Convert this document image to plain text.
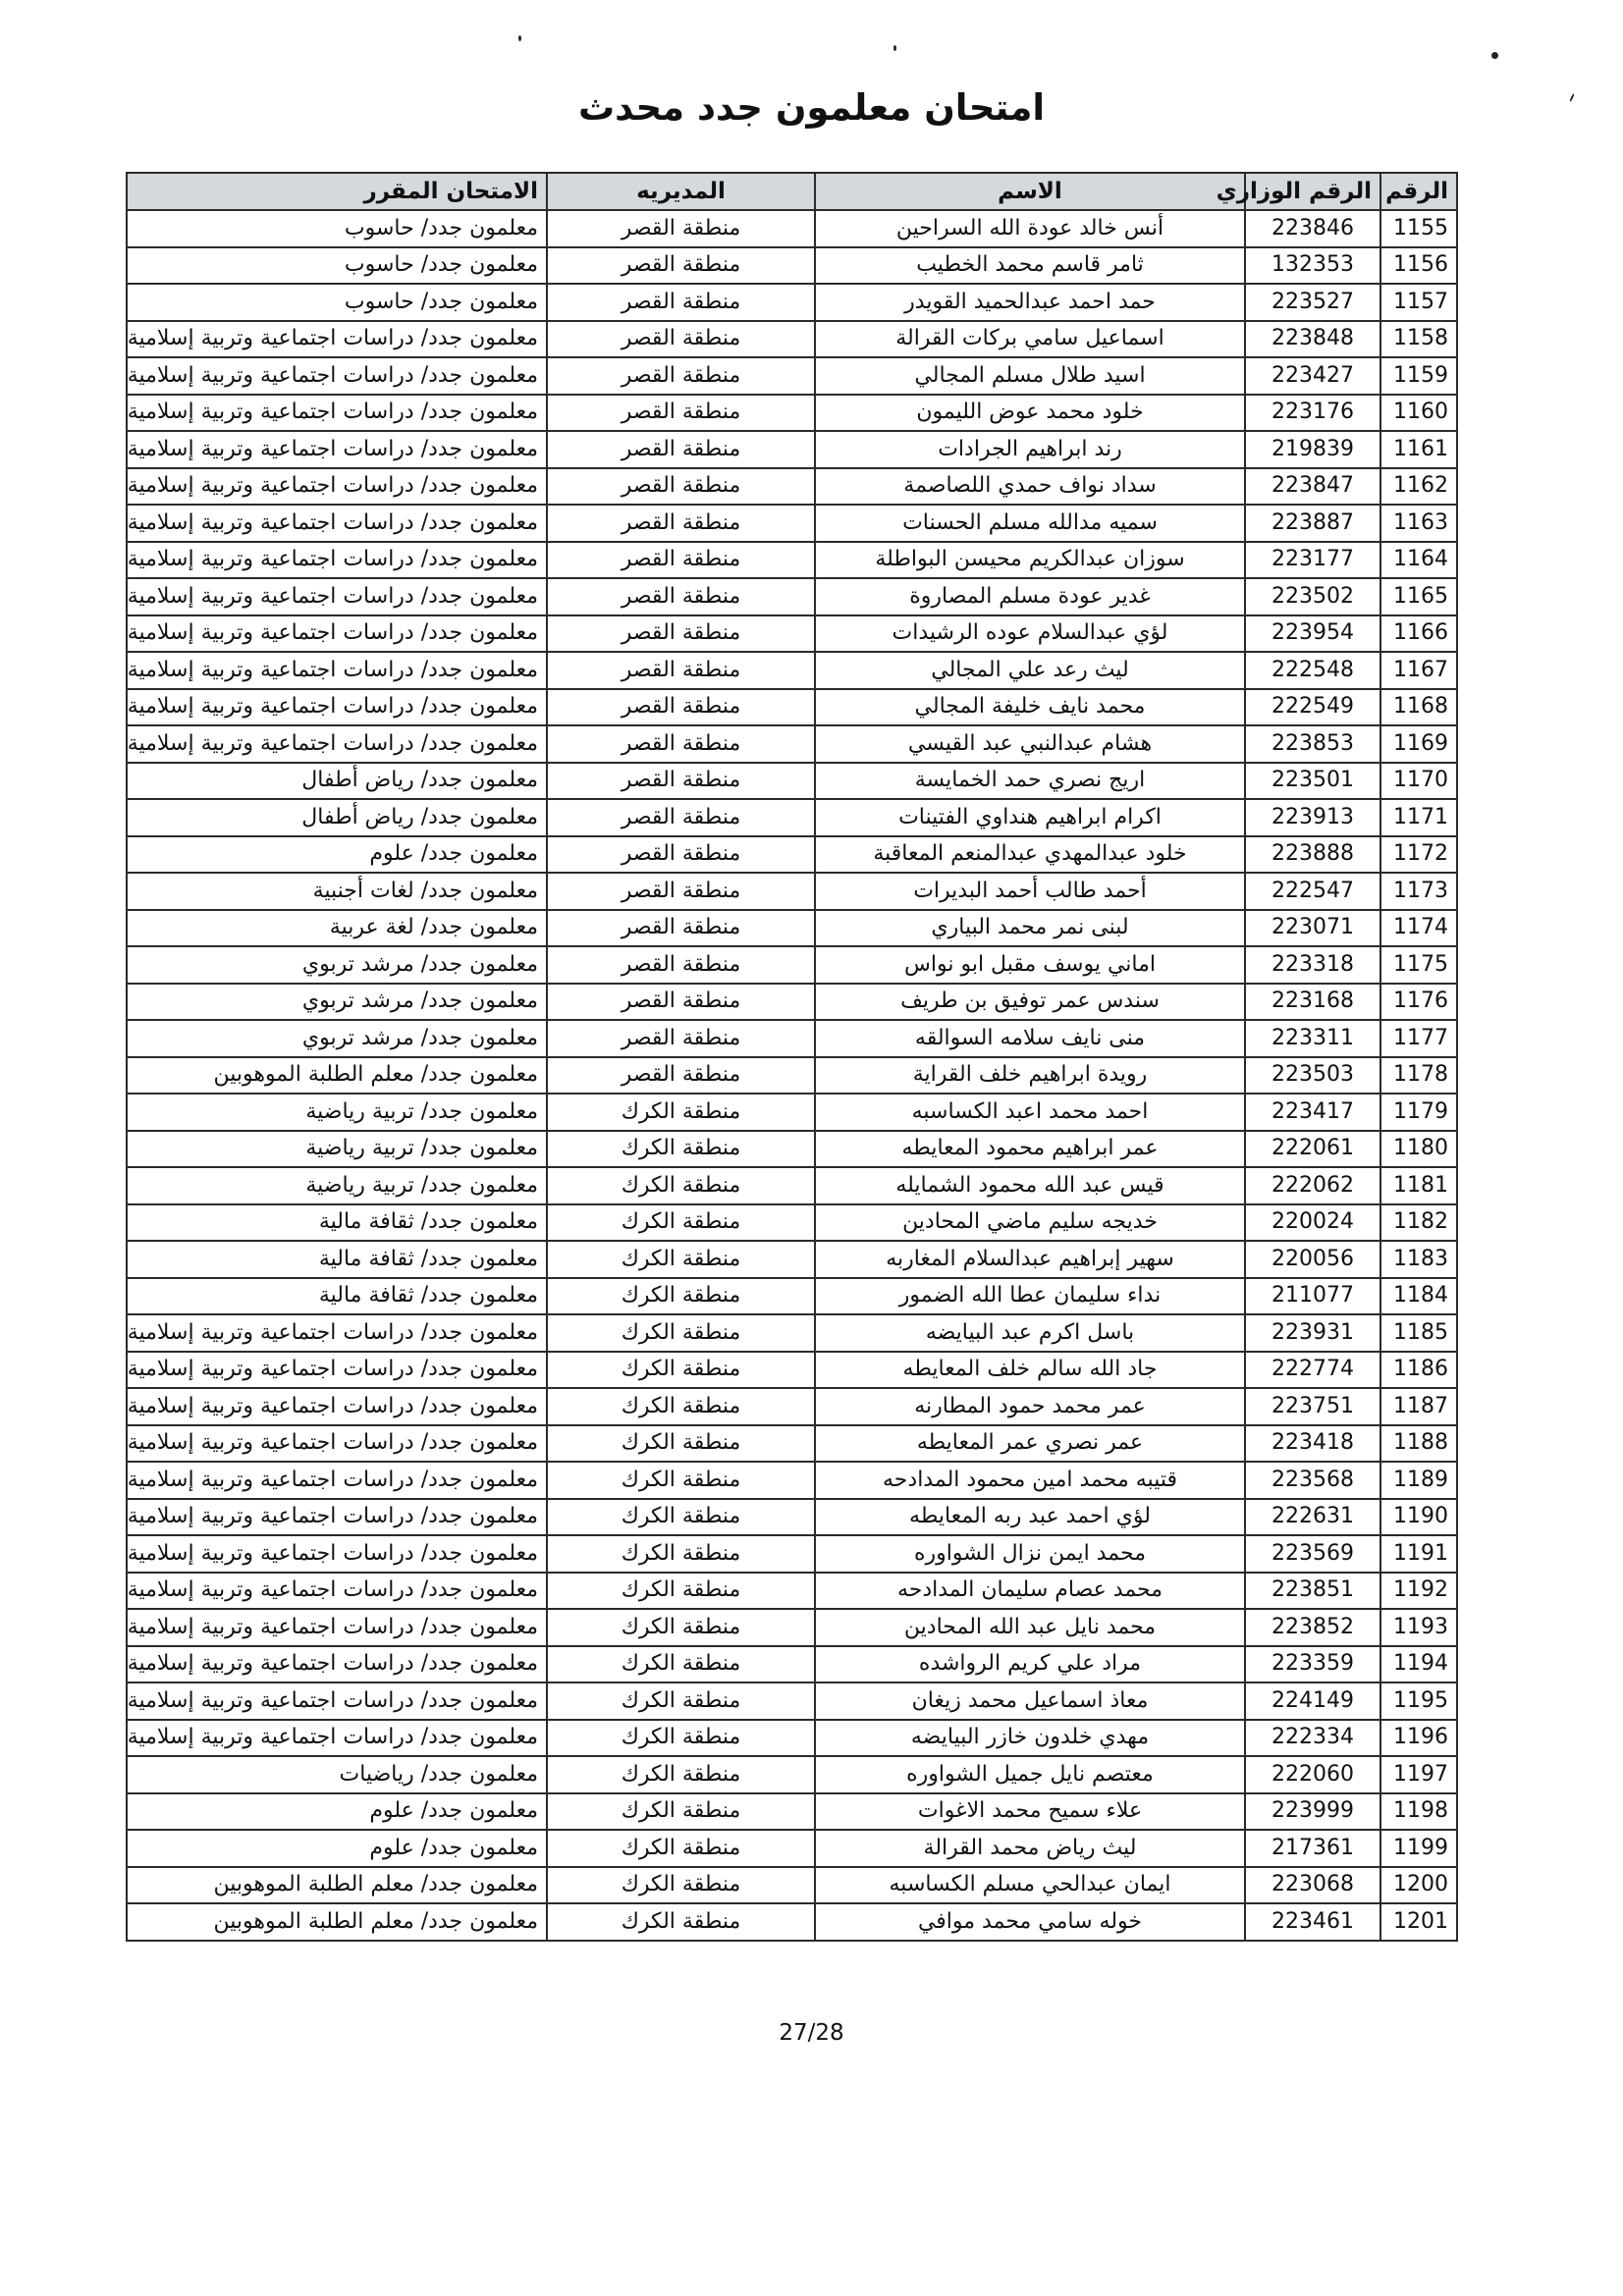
امتحان معلمون جدد محدث
الرقم	الرقم الوزاري	الاسم	المديريه	الامتحان المقرر
1155	223846	أنس خالد عودة الله السراحين	منطقة القصر	معلمون جدد/ حاسوب
1156	132353	ثامر قاسم محمد الخطيب	منطقة القصر	معلمون جدد/ حاسوب
1157	223527	حمد احمد عبدالحميد القويدر	منطقة القصر	معلمون جدد/ حاسوب
1158	223848	اسماعيل سامي بركات القرالة	منطقة القصر	معلمون جدد/ دراسات اجتماعية وتربية إسلامية
1159	223427	اسيد طلال مسلم المجالي	منطقة القصر	معلمون جدد/ دراسات اجتماعية وتربية إسلامية
1160	223176	خلود محمد عوض الليمون	منطقة القصر	معلمون جدد/ دراسات اجتماعية وتربية إسلامية
1161	219839	رند ابراهيم الجرادات	منطقة القصر	معلمون جدد/ دراسات اجتماعية وتربية إسلامية
1162	223847	سداد نواف حمدي اللصاصمة	منطقة القصر	معلمون جدد/ دراسات اجتماعية وتربية إسلامية
1163	223887	سميه مدالله مسلم الحسنات	منطقة القصر	معلمون جدد/ دراسات اجتماعية وتربية إسلامية
1164	223177	سوزان عبدالكريم محيسن البواطلة	منطقة القصر	معلمون جدد/ دراسات اجتماعية وتربية إسلامية
1165	223502	غدير عودة مسلم المصاروة	منطقة القصر	معلمون جدد/ دراسات اجتماعية وتربية إسلامية
1166	223954	لؤي عبدالسلام عوده الرشيدات	منطقة القصر	معلمون جدد/ دراسات اجتماعية وتربية إسلامية
1167	222548	ليث رعد علي المجالي	منطقة القصر	معلمون جدد/ دراسات اجتماعية وتربية إسلامية
1168	222549	محمد نايف خليفة المجالي	منطقة القصر	معلمون جدد/ دراسات اجتماعية وتربية إسلامية
1169	223853	هشام عبدالنبي عبد القيسي	منطقة القصر	معلمون جدد/ دراسات اجتماعية وتربية إسلامية
1170	223501	اريج نصري حمد الخمايسة	منطقة القصر	معلمون جدد/ رياض أطفال
1171	223913	اكرام ابراهيم هنداوي الفتينات	منطقة القصر	معلمون جدد/ رياض أطفال
1172	223888	خلود عبدالمهدي عبدالمنعم المعاقبة	منطقة القصر	معلمون جدد/ علوم
1173	222547	أحمد طالب أحمد البديرات	منطقة القصر	معلمون جدد/ لغات أجنبية
1174	223071	لبنى نمر محمد البياري	منطقة القصر	معلمون جدد/ لغة عربية
1175	223318	اماني يوسف مقبل ابو نواس	منطقة القصر	معلمون جدد/ مرشد تربوي
1176	223168	سندس عمر توفيق بن طريف	منطقة القصر	معلمون جدد/ مرشد تربوي
1177	223311	منى نايف سلامه السوالقه	منطقة القصر	معلمون جدد/ مرشد تربوي
1178	223503	رويدة ابراهيم خلف القراية	منطقة القصر	معلمون جدد/ معلم الطلبة الموهوبين
1179	223417	احمد محمد اعبد الكساسبه	منطقة الكرك	معلمون جدد/ تربية رياضية
1180	222061	عمر ابراهيم محمود المعايطه	منطقة الكرك	معلمون جدد/ تربية رياضية
1181	222062	قيس عبد الله محمود الشمايله	منطقة الكرك	معلمون جدد/ تربية رياضية
1182	220024	خديجه سليم ماضي المحادين	منطقة الكرك	معلمون جدد/ ثقافة مالية
1183	220056	سهير إبراهيم عبدالسلام المغاربه	منطقة الكرك	معلمون جدد/ ثقافة مالية
1184	211077	نداء سليمان عطا الله الضمور	منطقة الكرك	معلمون جدد/ ثقافة مالية
1185	223931	باسل اكرم عبد البيايضه	منطقة الكرك	معلمون جدد/ دراسات اجتماعية وتربية إسلامية
1186	222774	جاد الله سالم خلف المعايطه	منطقة الكرك	معلمون جدد/ دراسات اجتماعية وتربية إسلامية
1187	223751	عمر محمد حمود المطارنه	منطقة الكرك	معلمون جدد/ دراسات اجتماعية وتربية إسلامية
1188	223418	عمر نصري عمر المعايطه	منطقة الكرك	معلمون جدد/ دراسات اجتماعية وتربية إسلامية
1189	223568	قتيبه محمد امين محمود المدادحه	منطقة الكرك	معلمون جدد/ دراسات اجتماعية وتربية إسلامية
1190	222631	لؤي احمد عبد ربه المعايطه	منطقة الكرك	معلمون جدد/ دراسات اجتماعية وتربية إسلامية
1191	223569	محمد ايمن نزال الشواوره	منطقة الكرك	معلمون جدد/ دراسات اجتماعية وتربية إسلامية
1192	223851	محمد عصام سليمان المدادحه	منطقة الكرك	معلمون جدد/ دراسات اجتماعية وتربية إسلامية
1193	223852	محمد نايل عبد الله المحادين	منطقة الكرك	معلمون جدد/ دراسات اجتماعية وتربية إسلامية
1194	223359	مراد علي كريم الرواشده	منطقة الكرك	معلمون جدد/ دراسات اجتماعية وتربية إسلامية
1195	224149	معاذ اسماعيل محمد زيغان	منطقة الكرك	معلمون جدد/ دراسات اجتماعية وتربية إسلامية
1196	222334	مهدي خلدون خازر البيايضه	منطقة الكرك	معلمون جدد/ دراسات اجتماعية وتربية إسلامية
1197	222060	معتصم نايل جميل الشواوره	منطقة الكرك	معلمون جدد/ رياضيات
1198	223999	علاء سميح محمد الاغوات	منطقة الكرك	معلمون جدد/ علوم
1199	217361	ليث رياض محمد القرالة	منطقة الكرك	معلمون جدد/ علوم
1200	223068	ايمان عبدالحي مسلم الكساسبه	منطقة الكرك	معلمون جدد/ معلم الطلبة الموهوبين
1201	223461	خوله سامي محمد موافي	منطقة الكرك	معلمون جدد/ معلم الطلبة الموهوبين
27/28
